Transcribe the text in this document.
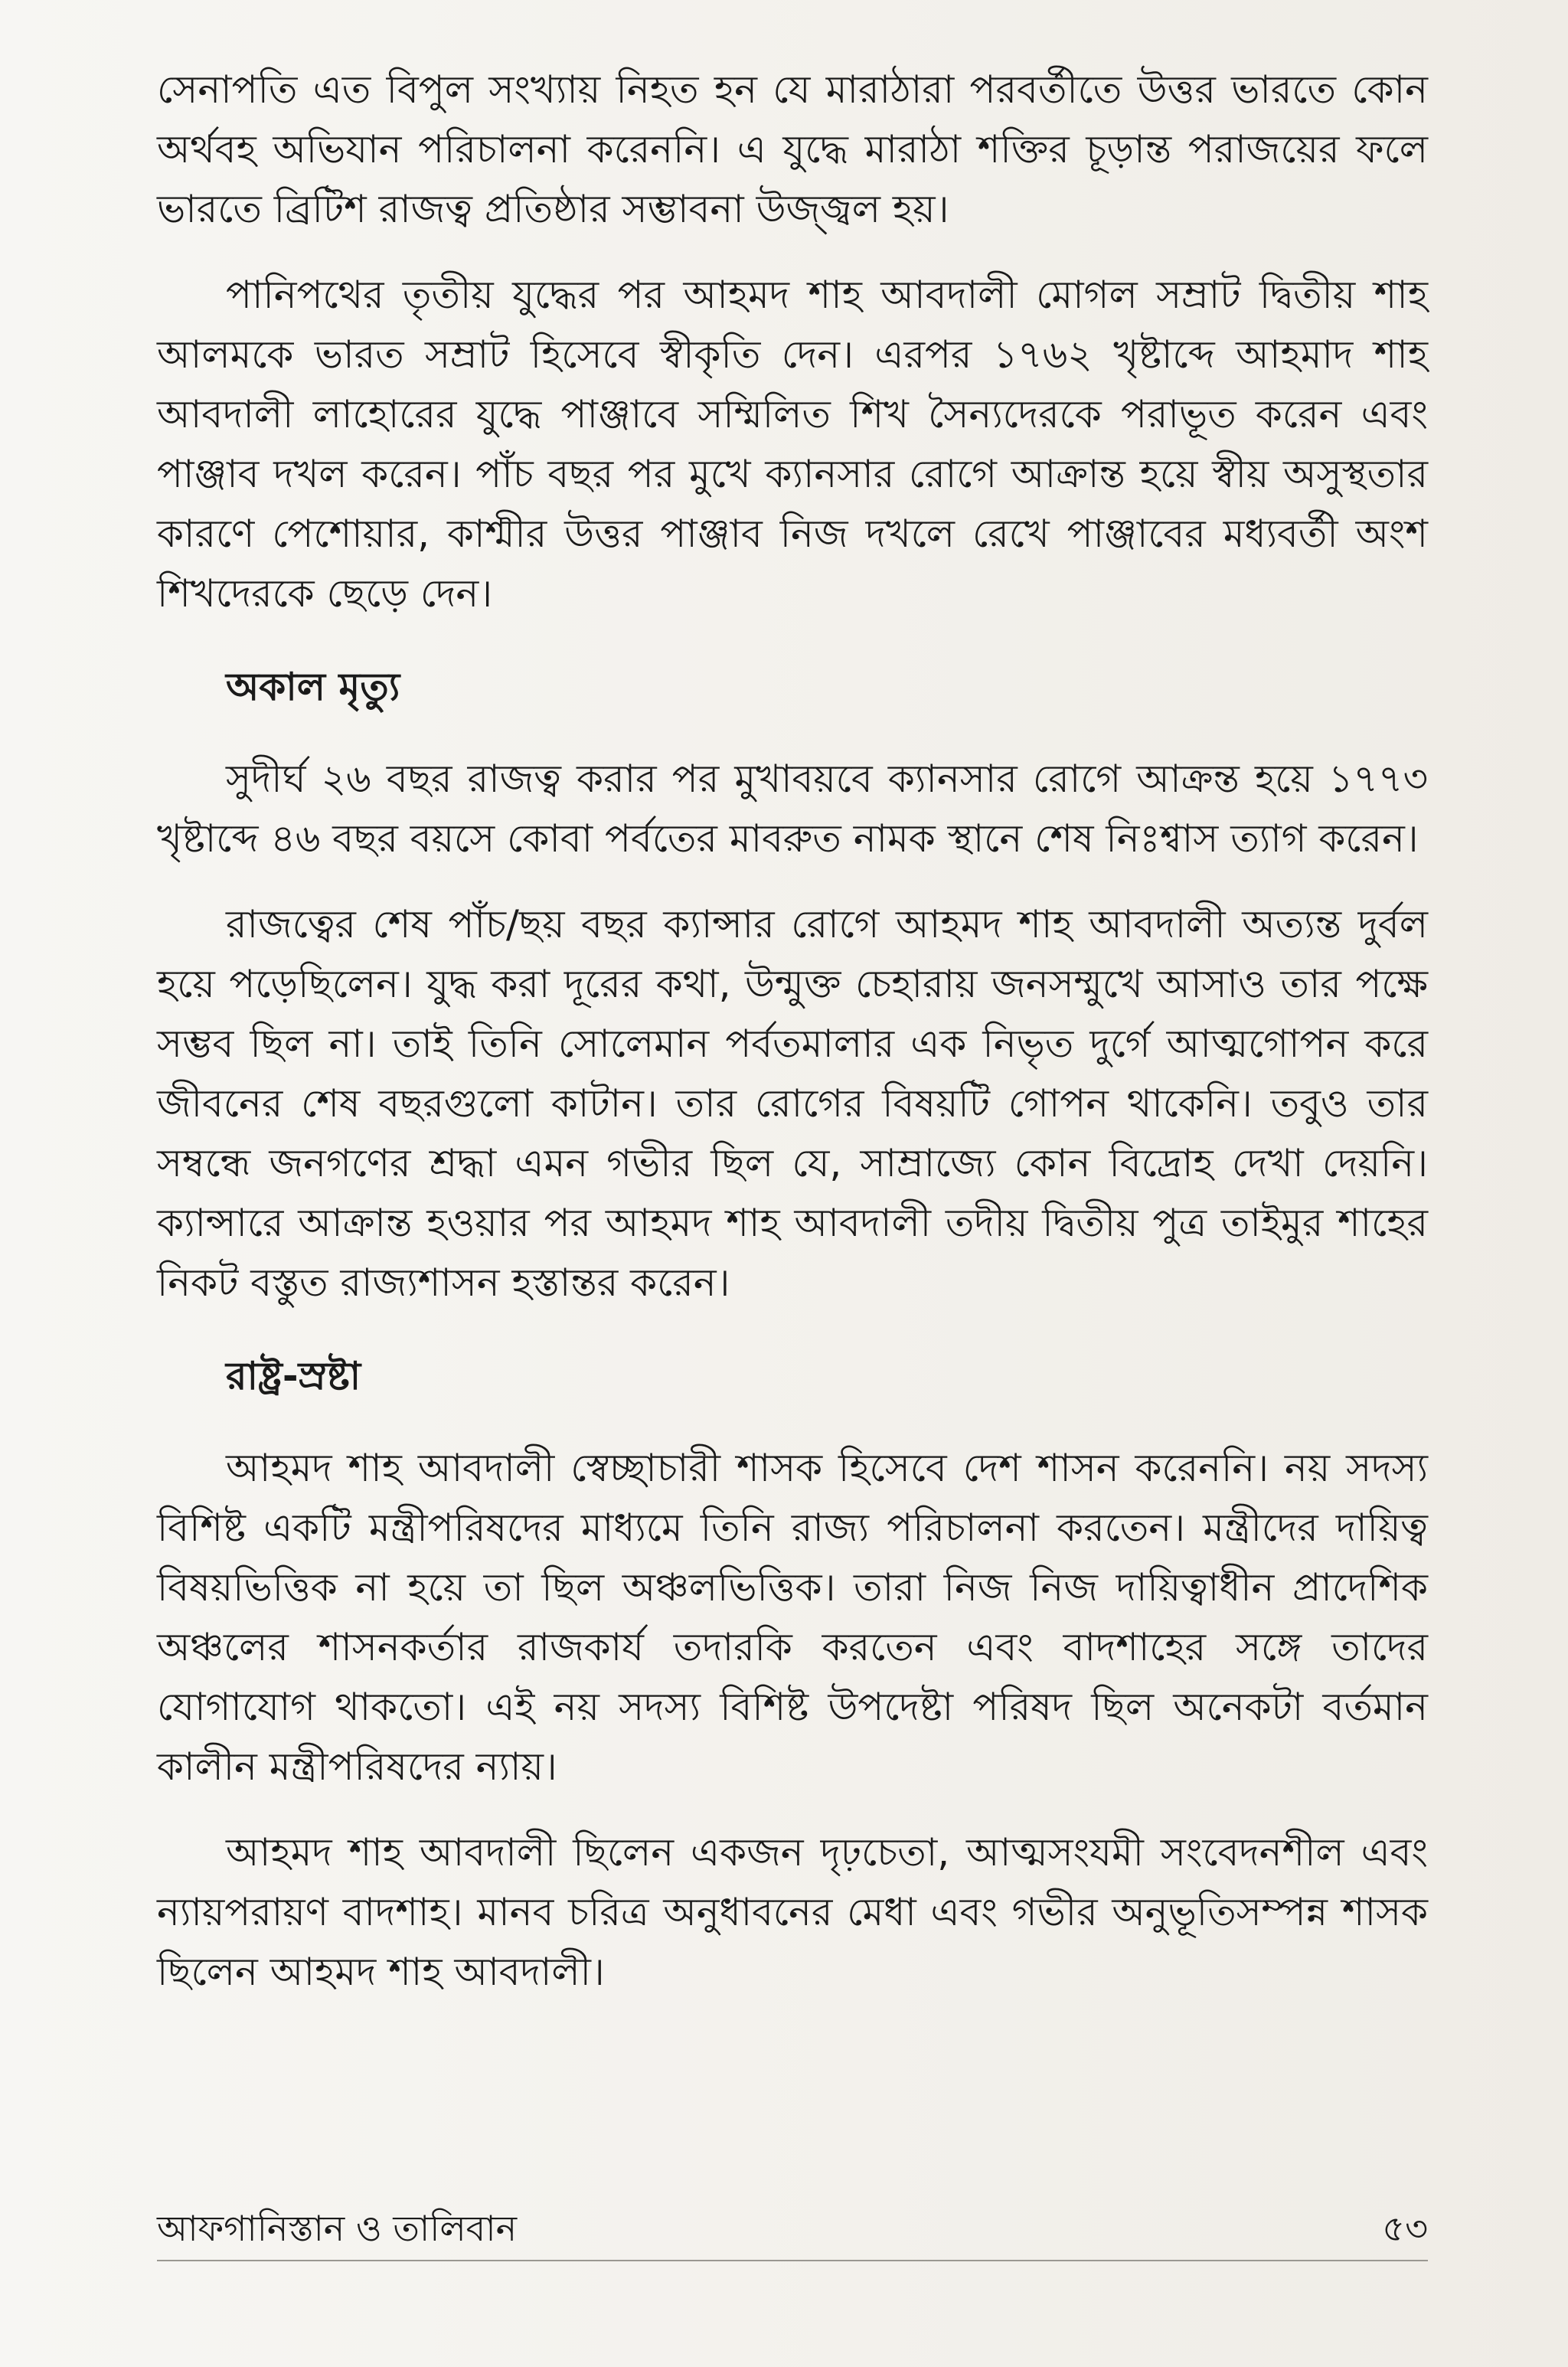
সেনাপতি এত বিপুল সংখ্যায় নিহত হন যে মারাঠারা পরবর্তীতে উত্তর ভারতে কোন অর্থবহ অভিযান পরিচালনা করেননি। এ যুদ্ধে মারাঠা শক্তির চূড়ান্ত পরাজয়ের ফলে ভারতে ব্রিটিশ রাজত্ব প্রতিষ্ঠার সম্ভাবনা উজ্জ্বল হয়।

পানিপথের তৃতীয় যুদ্ধের পর আহমদ শাহ আবদালী মোগল সম্রাট দ্বিতীয় শাহ আলমকে ভারত সম্রাট হিসেবে স্বীকৃতি দেন। এরপর ১৭৬২ খৃষ্টাব্দে আহমাদ শাহ আবদালী লাহোরের যুদ্ধে পাঞ্জাবে সম্মিলিত শিখ সৈন্যদেরকে পরাভূত করেন এবং পাঞ্জাব দখল করেন। পাঁচ বছর পর মুখে ক্যানসার রোগে আক্রান্ত হয়ে স্বীয় অসুস্থতার কারণে পেশোয়ার, কাশ্মীর উত্তর পাঞ্জাব নিজ দখলে রেখে পাঞ্জাবের মধ্যবর্তী অংশ শিখদেরকে ছেড়ে দেন।

অকাল মৃত্যু

সুদীর্ঘ ২৬ বছর রাজত্ব করার পর মুখাবয়বে ক্যানসার রোগে আক্রন্ত হয়ে ১৭৭৩ খৃষ্টাব্দে ৪৬ বছর বয়সে কোবা পর্বতের মাবরুত নামক স্থানে শেষ নিঃশ্বাস ত্যাগ করেন।

রাজত্বের শেষ পাঁচ/ছয় বছর ক্যান্সার রোগে আহমদ শাহ আবদালী অত্যন্ত দুর্বল হয়ে পড়েছিলেন। যুদ্ধ করা দূরের কথা, উন্মুক্ত চেহারায় জনসম্মুখে আসাও তার পক্ষে সম্ভব ছিল না। তাই তিনি সোলেমান পর্বতমালার এক নিভৃত দুর্গে আত্মগোপন করে জীবনের শেষ বছরগুলো কাটান। তার রোগের বিষয়টি গোপন থাকেনি। তবুও তার সম্বন্ধে জনগণের শ্রদ্ধা এমন গভীর ছিল যে, সাম্রাজ্যে কোন বিদ্রোহ দেখা দেয়নি। ক্যান্সারে আক্রান্ত হওয়ার পর আহমদ শাহ আবদালী তদীয় দ্বিতীয় পুত্র তাইমুর শাহের নিকট বস্তুত রাজ্যশাসন হস্তান্তর করেন।

রাষ্ট্র-স্রষ্টা

আহমদ শাহ আবদালী স্বেচ্ছাচারী শাসক হিসেবে দেশ শাসন করেননি। নয় সদস্য বিশিষ্ট একটি মন্ত্রীপরিষদের মাধ্যমে তিনি রাজ্য পরিচালনা করতেন। মন্ত্রীদের দায়িত্ব বিষয়ভিত্তিক না হয়ে তা ছিল অঞ্চলভিত্তিক। তারা নিজ নিজ দায়িত্বাধীন প্রাদেশিক অঞ্চলের শাসনকর্তার রাজকার্য তদারকি করতেন এবং বাদশাহের সঙ্গে তাদের যোগাযোগ থাকতো। এই নয় সদস্য বিশিষ্ট উপদেষ্টা পরিষদ ছিল অনেকটা বর্তমান কালীন মন্ত্রীপরিষদের ন্যায়।

আহমদ শাহ আবদালী ছিলেন একজন দৃঢ়চেতা, আত্মসংযমী সংবেদনশীল এবং ন্যায়পরায়ণ বাদশাহ। মানব চরিত্র অনুধাবনের মেধা এবং গভীর অনুভূতিসম্পন্ন শাসক ছিলেন আহমদ শাহ আবদালী।

আফগানিস্তান ও তালিবান	৫৩
